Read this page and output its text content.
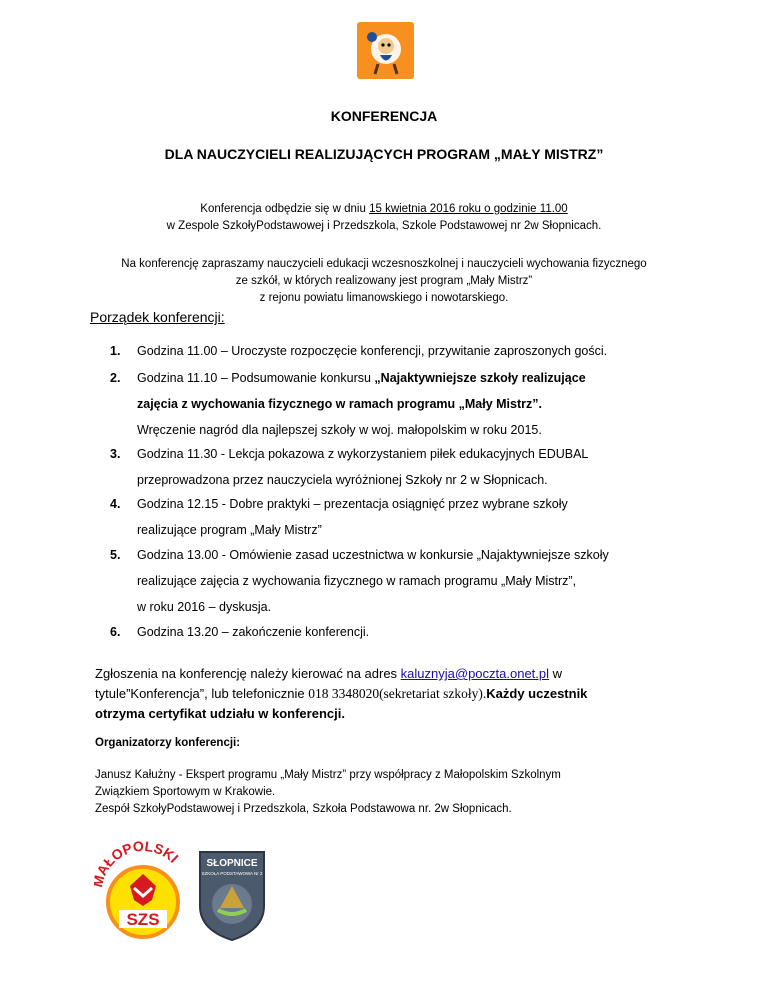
KONFERENCJA
DLA NAUCZYCIELI REALIZUJĄCYCH PROGRAM „MAŁY MISTRZ”
Konferencja odbędzie się w dniu 15 kwietnia 2016 roku o godzinie 11.00
w Zespole SzkołyPodstawowej i Przedszkola, Szkole Podstawowej nr 2w Słopnicach.
Na konferencję zapraszamy nauczycieli edukacji wczesnoszkolnej i nauczycieli wychowania fizycznego
ze szkół, w których realizowany jest program „Mały Mistrz”
z rejonu powiatu limanowskiego i nowotarskiego.
Porządek konferencji:
1. Godzina 11.00 – Uroczyste rozpoczęcie konferencji, przywitanie zaproszonych gości.
2. Godzina 11.10 – Podsumowanie konkursu „Najaktywniejsze szkoły realizujące
zajęcia z wychowania fizycznego w ramach programu „Mały Mistrz”.
Wręczenie nagród dla najlepszej szkoły w woj. małopolskim w roku 2015.
3. Godzina 11.30 - Lekcja pokazowa z wykorzystaniem piłek edukacyjnych EDUBAL
przeprowadzona przez nauczyciela wyróżnionej Szkoły nr 2 w Słopnicach.
4. Godzina 12.15 - Dobre praktyki – prezentacja osiągnięć przez wybrane szkoły
realizujące program „Mały Mistrz”
5. Godzina 13.00 - Omówienie zasad uczestnictwa w konkursie „Najaktywniejsze szkoły
realizujące zajęcia z wychowania fizycznego w ramach programu „Mały Mistrz”,
w roku 2016 – dyskusja.
6. Godzina 13.20 – zakończenie konferencji.
Zgłoszenia na konferencję należy kierować na adres kaluznyja@poczta.onet.pl w
tytule”Konferencja”, lub telefonicznie 018 3348020(sekretariat szkoły).Każdy uczestnik
otrzyma certyfikat udziału w konferencji.
Organizatorzy konferencji:
Janusz Kałużny - Ekspert programu „Mały Mistrz” przy współpracy z Małopolskim Szkolnym
Związkiem Sportowym w Krakowie.
Zespół SzkołyPodstawowej i Przedszkola, Szkoła Podstawowa nr. 2w Słopnicach.
AŁOPOLSKI
SZS
SŁOPNICE
SZKOŁA PODSTAWOWA Nr 2
